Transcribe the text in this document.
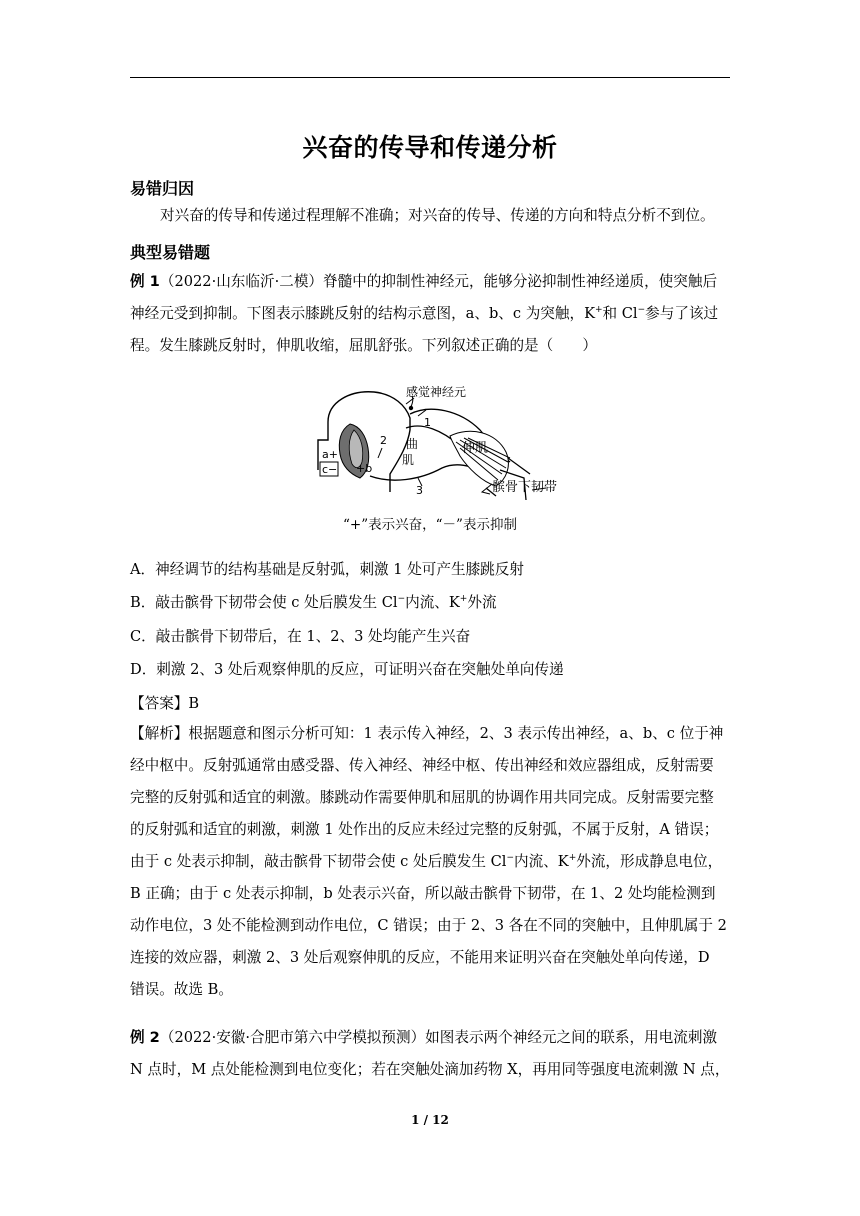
兴奋的传导和传递分析
易错归因

对兴奋的传导和传递过程理解不准确；对兴奋的传导、传递的方向和特点分析不到位。

典型易错题

例 1（2022·山东临沂·二模）脊髓中的抑制性神经元，能够分泌抑制性神经递质，使突触后
神经元受到抑制。下图表示膝跳反射的结构示意图，a、b、c 为突触，K+和 Cl−参与了该过
程。发生膝跳反射时，伸肌收缩，屈肌舒张。下列叙述正确的是（　　）

感觉神经元
1
2
3
曲
肌
伸肌
髌骨下韧带
a+
+b
c−
“+”表示兴奋，“－”表示抑制
A．神经调节的结构基础是反射弧，刺激 1 处可产生膝跳反射
B．敲击髌骨下韧带会使 c 处后膜发生 Cl−内流、K+外流
C．敲击髌骨下韧带后，在 1、2、3 处均能产生兴奋
D．刺激 2、3 处后观察伸肌的反应，可证明兴奋在突触处单向传递
【答案】B

【解析】根据题意和图示分析可知：1 表示传入神经，2、3 表示传出神经，a、b、c 位于神
经中枢中。反射弧通常由感受器、传入神经、神经中枢、传出神经和效应器组成，反射需要
完整的反射弧和适宜的刺激。膝跳动作需要伸肌和屈肌的协调作用共同完成。反射需要完整
的反射弧和适宜的刺激，刺激 1 处作出的反应未经过完整的反射弧，不属于反射，A 错误；
由于 c 处表示抑制，敲击髌骨下韧带会使 c 处后膜发生 Cl−内流、K+外流，形成静息电位，
B 正确；由于 c 处表示抑制，b 处表示兴奋，所以敲击髌骨下韧带，在 1、2 处均能检测到
动作电位，3 处不能检测到动作电位，C 错误；由于 2、3 各在不同的突触中，且伸肌属于 2
连接的效应器，刺激 2、3 处后观察伸肌的反应，不能用来证明兴奋在突触处单向传递，D
错误。故选 B。

例 2（2022·安徽·合肥市第六中学模拟预测）如图表示两个神经元之间的联系，用电流刺激
N 点时，M 点处能检测到电位变化；若在突触处滴加药物 X，再用同等强度电流刺激 N 点，

1 / 12
